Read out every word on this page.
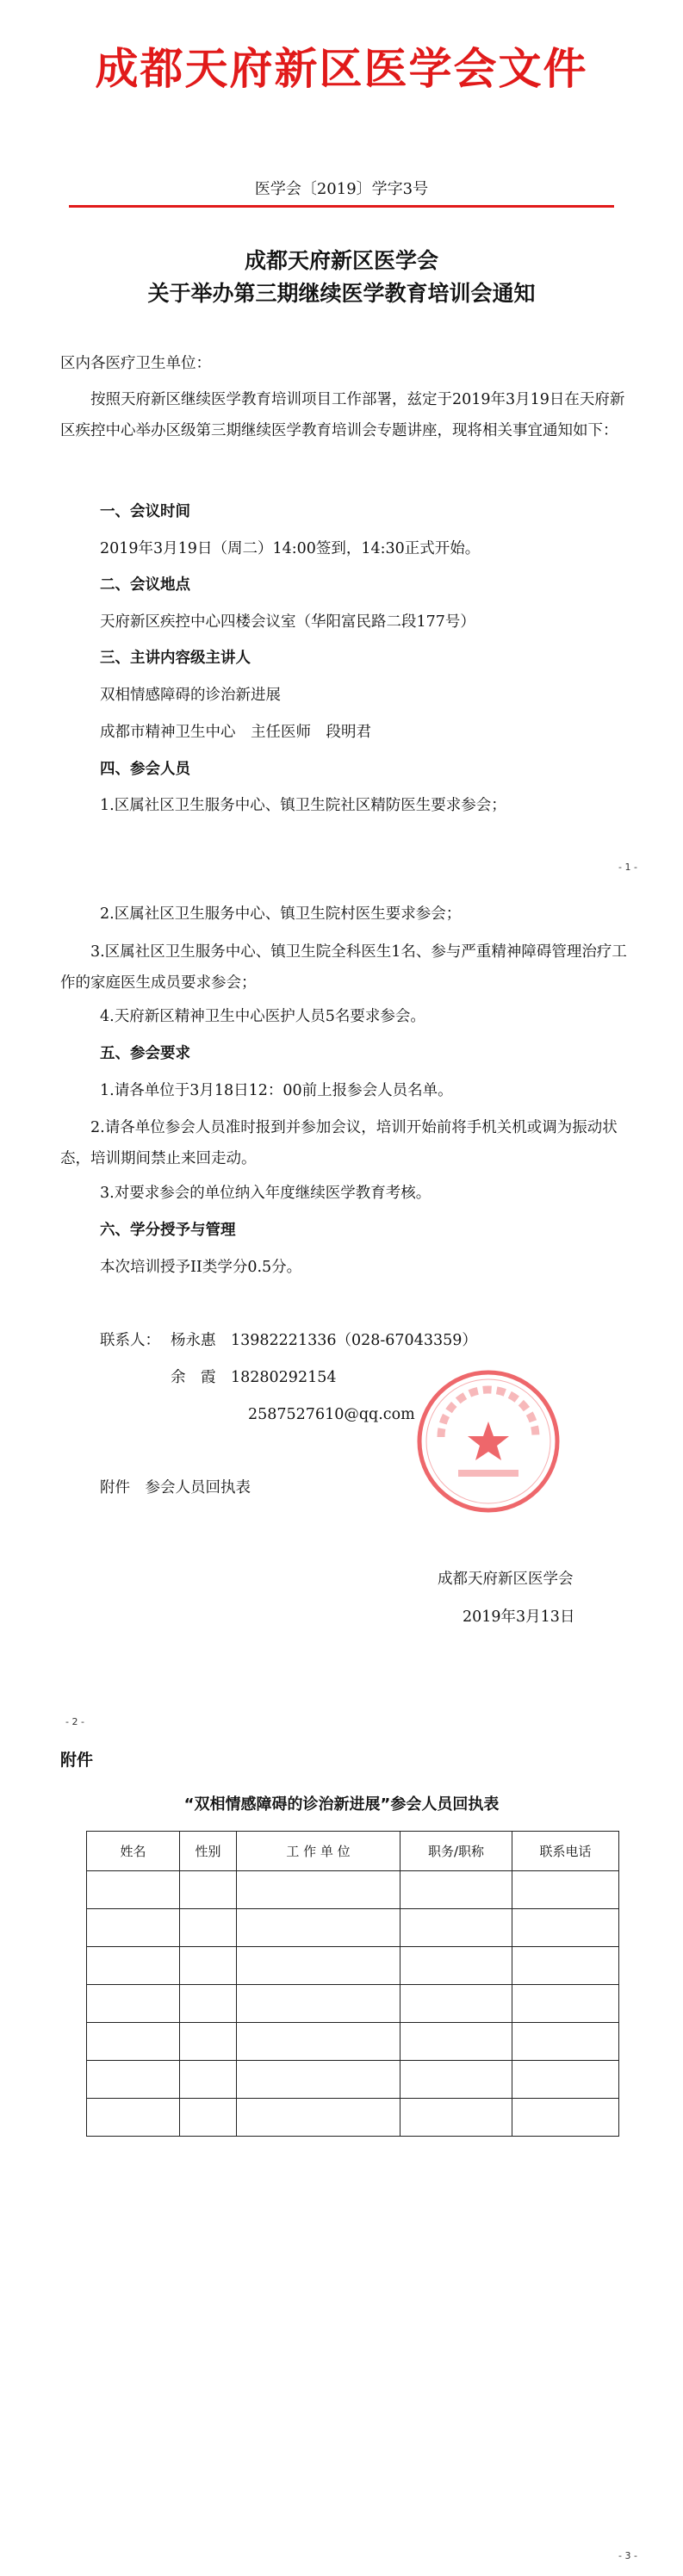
成都天府新区医学会文件
医学会〔2019〕学字3号
成都天府新区医学会
关于举办第三期继续医学教育培训会通知
区内各医疗卫生单位：
按照天府新区继续医学教育培训项目工作部署，兹定于2019年3月19日在天府新区疾控中心举办区级第三期继续医学教育培训会专题讲座，现将相关事宜通知如下：
一、会议时间
2019年3月19日（周二）14:00签到，14:30正式开始。
二、会议地点
天府新区疾控中心四楼会议室（华阳富民路二段177号）
三、主讲内容级主讲人
双相情感障碍的诊治新进展
成都市精神卫生中心　主任医师　段明君
四、参会人员
1.区属社区卫生服务中心、镇卫生院社区精防医生要求参会；
- 1 -
2.区属社区卫生服务中心、镇卫生院村医生要求参会；
3.区属社区卫生服务中心、镇卫生院全科医生1名、参与严重精神障碍管理治疗工作的家庭医生成员要求参会；
4.天府新区精神卫生中心医护人员5名要求参会。
五、参会要求
1.请各单位于3月18日12：00前上报参会人员名单。
2.请各单位参会人员准时报到并参加会议，培训开始前将手机关机或调为振动状态，培训期间禁止来回走动。
3.对要求参会的单位纳入年度继续医学教育考核。
六、学分授予与管理
本次培训授予II类学分0.5分。
联系人： 杨永惠　13982221336（028-67043359）
余　霞　18280292154
2587527610@qq.com
附件　参会人员回执表
成都天府新区医学会
2019年3月13日
- 2 -
附件
“双相情感障碍的诊治新进展”参会人员回执表
姓名	性别	工 作 单 位	职务/职称	联系电话

- 3 -
